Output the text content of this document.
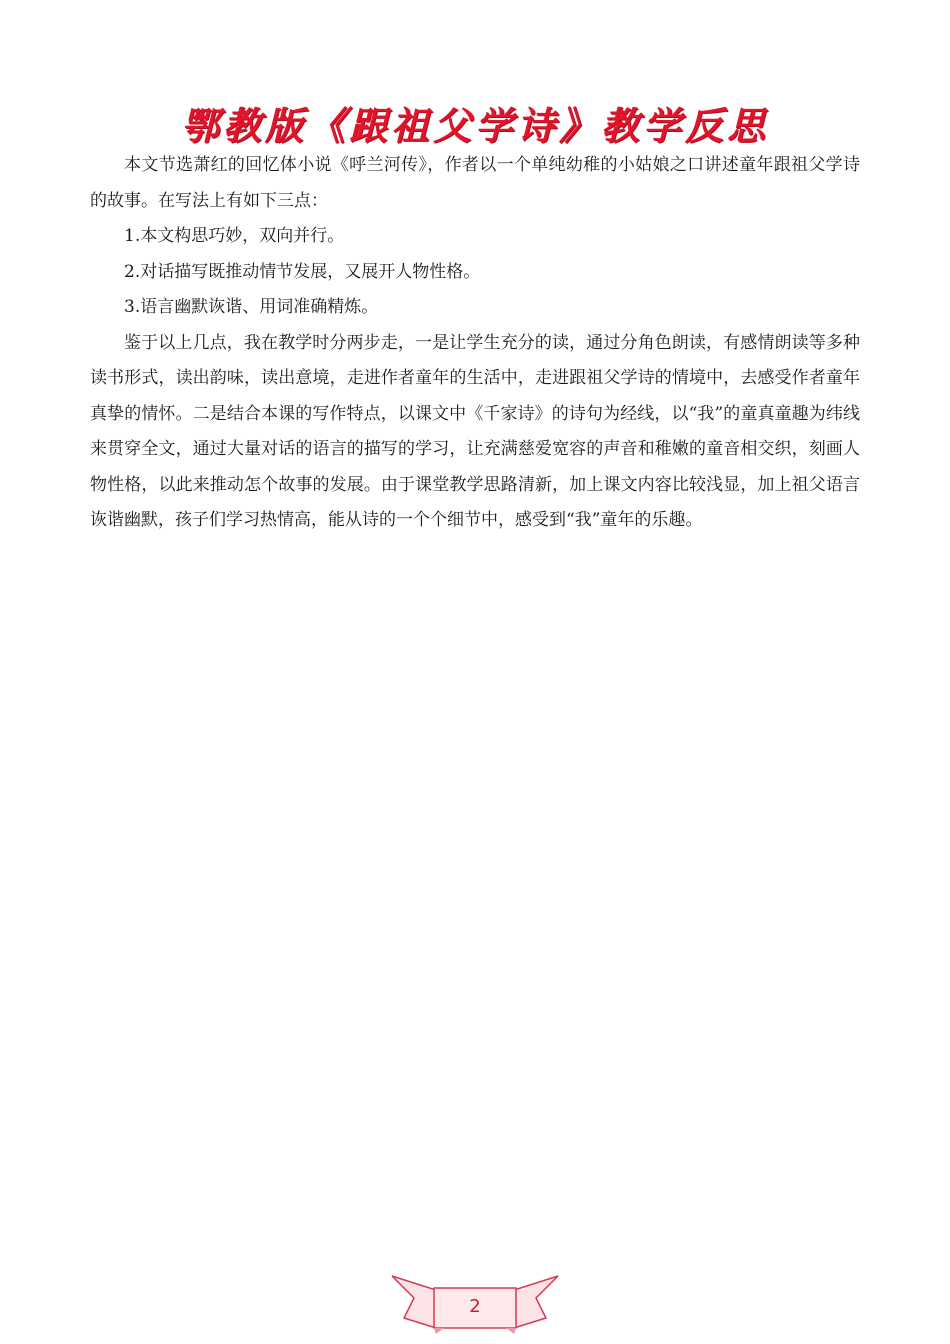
鄂教版《跟祖父学诗》教学反思

本文节选萧红的回忆体小说《呼兰河传》，作者以一个单纯幼稚的小姑娘之口讲述童年跟祖父学诗的故事。在写法上有如下三点：

1.本文构思巧妙，双向并行。

2.对话描写既推动情节发展，又展开人物性格。

3.语言幽默诙谐、用词准确精炼。

鉴于以上几点，我在教学时分两步走，一是让学生充分的读，通过分角色朗读，有感情朗读等多种读书形式，读出韵味，读出意境，走进作者童年的生活中，走进跟祖父学诗的情境中，去感受作者童年真挚的情怀。二是结合本课的写作特点，以课文中《千家诗》的诗句为经线，以“我”的童真童趣为纬线来贯穿全文，通过大量对话的语言的描写的学习，让充满慈爱宽容的声音和稚嫩的童音相交织，刻画人物性格，以此来推动怎个故事的发展。由于课堂教学思路清新，加上课文内容比较浅显，加上祖父语言诙谐幽默，孩子们学习热情高，能从诗的一个个细节中，感受到“我”童年的乐趣。

2
